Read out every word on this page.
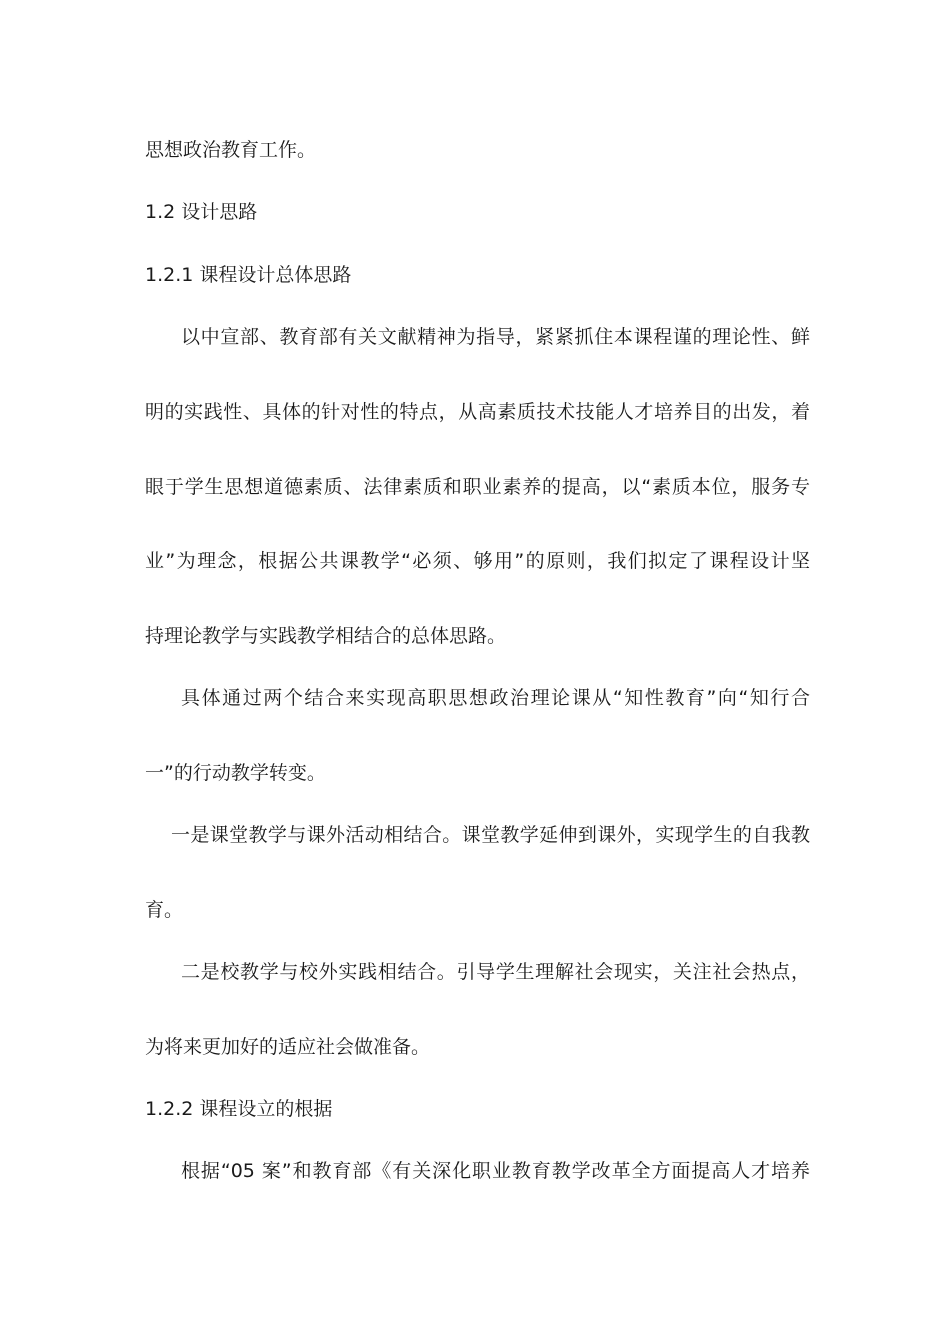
思想政治教育工作。
1.2 设计思路
1.2.1 课程设计总体思路
以中宣部、教育部有关文献精神为指导，紧紧抓住本课程谨的理论性、鲜
明的实践性、具体的针对性的特点，从高素质技术技能人才培养目的出发，着
眼于学生思想道德素质、法律素质和职业素养的提高，以“素质本位，服务专
业”为理念，根据公共课教学“必须、够用”的原则，我们拟定了课程设计坚
持理论教学与实践教学相结合的总体思路。
具体通过两个结合来实现高职思想政治理论课从“知性教育”向“知行合
一”的行动教学转变。
一是课堂教学与课外活动相结合。课堂教学延伸到课外，实现学生的自我教
育。
二是校教学与校外实践相结合。引导学生理解社会现实，关注社会热点，
为将来更加好的适应社会做准备。
1.2.2 课程设立的根据
根据“05 案”和教育部《有关深化职业教育教学改革全方面提高人才培养
